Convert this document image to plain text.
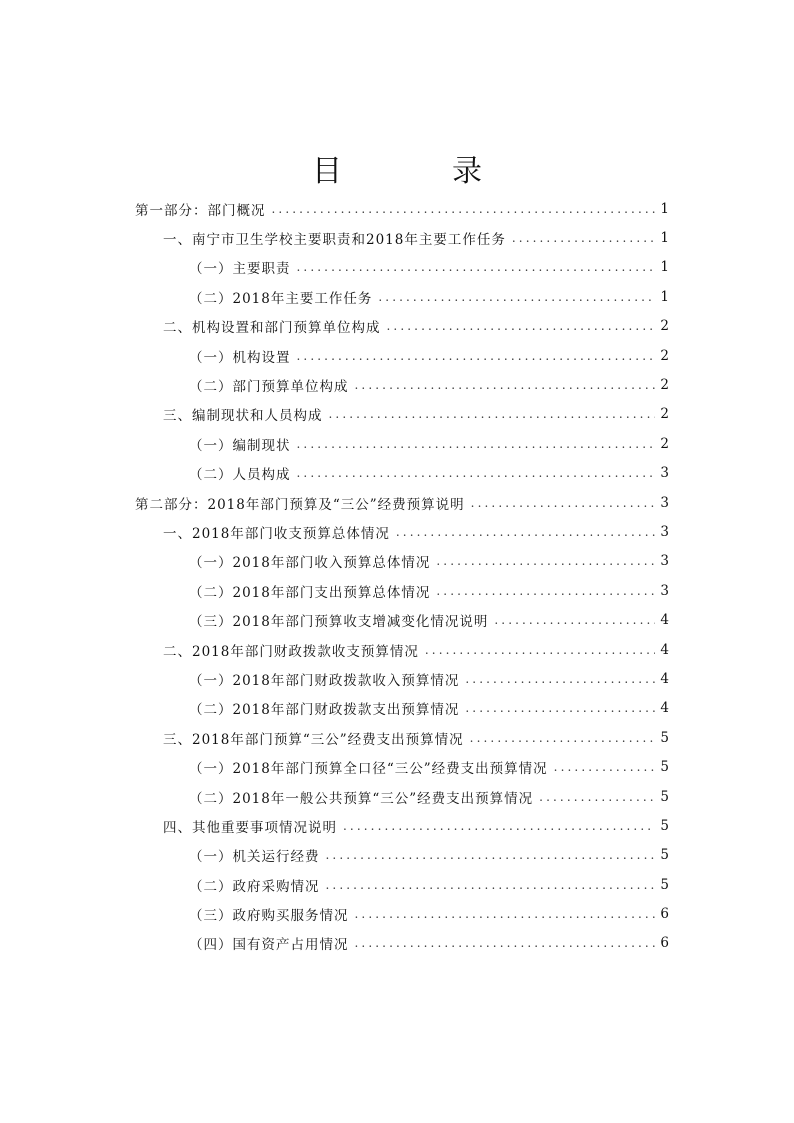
目　录
第一部分：部门概况 .....	1
一、南宁市卫生学校主要职责和2018年主要工作任务 .....	1
（一）主要职责 .....	1
（二）2018年主要工作任务 .....	1
二、机构设置和部门预算单位构成 .....	2
（一）机构设置 .....	2
（二）部门预算单位构成 .....	2
三、编制现状和人员构成 .....	2
（一）编制现状 .....	2
（二）人员构成 .....	3
第二部分：2018年部门预算及“三公”经费预算说明 .....	3
一、2018年部门收支预算总体情况 .....	3
（一）2018年部门收入预算总体情况 .....	3
（二）2018年部门支出预算总体情况 .....	3
（三）2018年部门预算收支增减变化情况说明 .....	4
二、2018年部门财政拨款收支预算情况 .....	4
（一）2018年部门财政拨款收入预算情况 .....	4
（二）2018年部门财政拨款支出预算情况 .....	4
三、2018年部门预算“三公”经费支出预算情况 .....	5
（一）2018年部门预算全口径“三公”经费支出预算情况 .....	5
（二）2018年一般公共预算“三公”经费支出预算情况 .....	5
四、其他重要事项情况说明 .....	5
（一）机关运行经费 .....	5
（二）政府采购情况 .....	5
（三）政府购买服务情况 .....	6
（四）国有资产占用情况 .....	6
